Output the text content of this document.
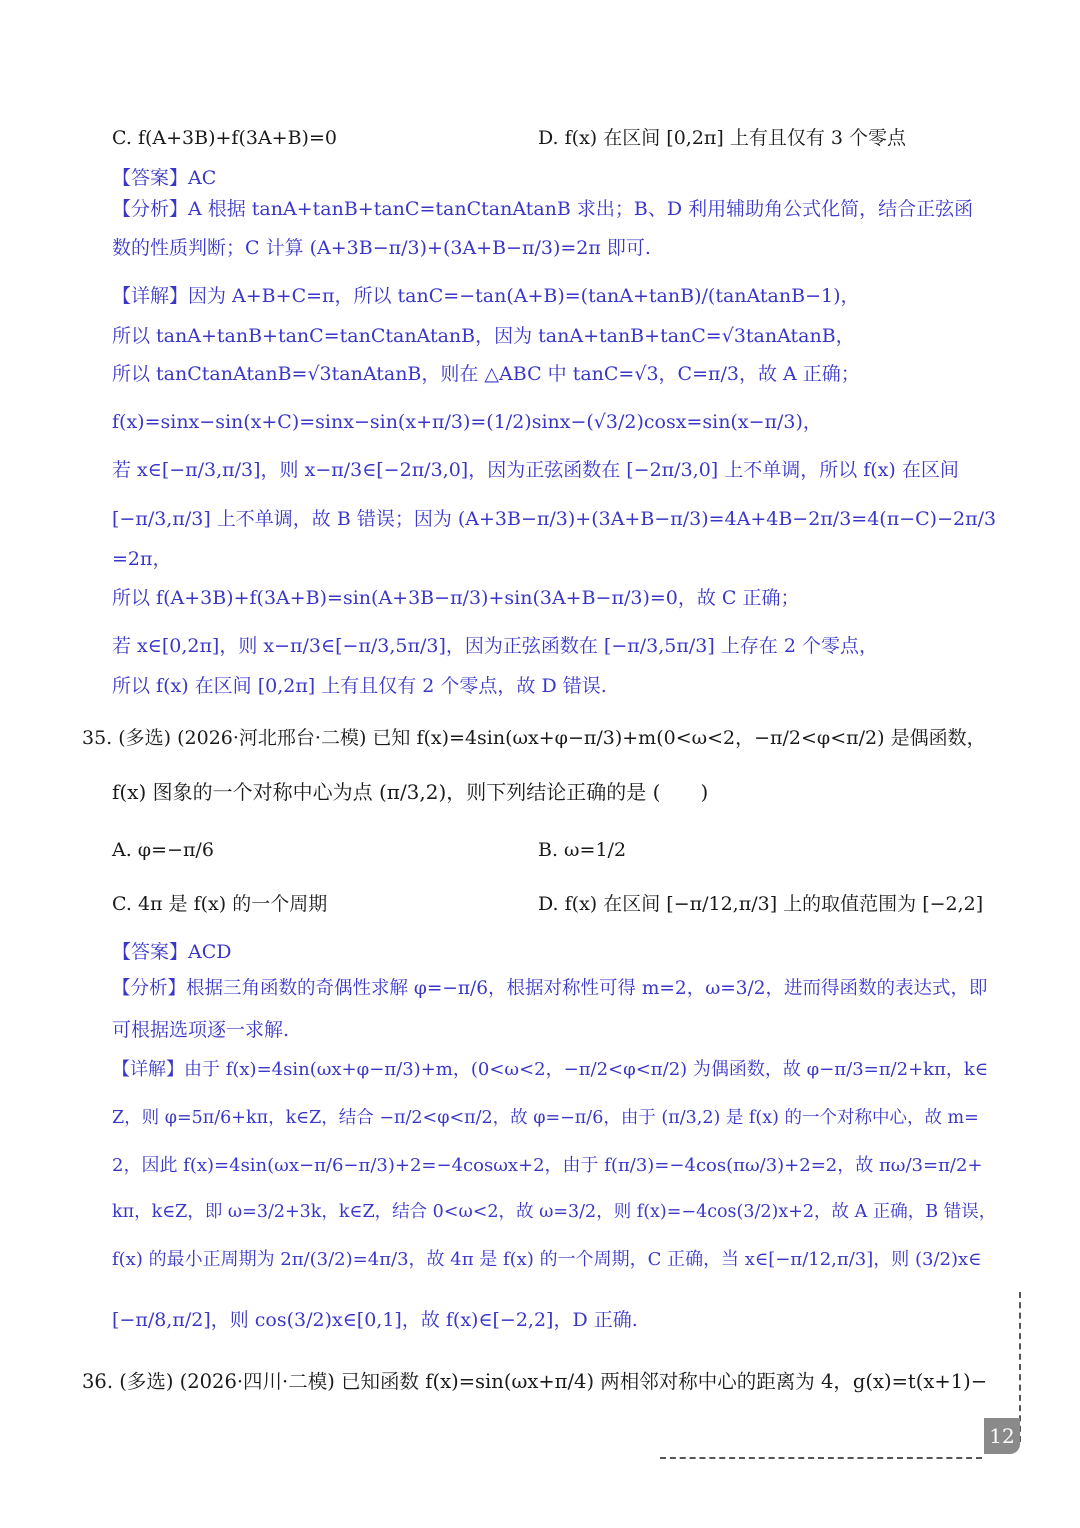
C. f(A+3B)+f(3A+B)=0	D. f(x) 在区间 [0,2π] 上有且仅有 3 个零点
【答案】AC
【分析】A 根据 tanA+tanB+tanC=tanCtanAtanB 求出；B、D 利用辅助角公式化简，结合正弦函
数的性质判断；C 计算 (A+3B−π/3)+(3A+B−π/3)=2π 即可.
【详解】因为 A+B+C=π，所以 tanC=−tan(A+B)=(tanA+tanB)/(tanAtanB−1)，
所以 tanA+tanB+tanC=tanCtanAtanB，因为 tanA+tanB+tanC=√3tanAtanB，
所以 tanCtanAtanB=√3tanAtanB，则在 △ABC 中 tanC=√3，C=π/3，故 A 正确；
f(x)=sinx−sin(x+C)=sinx−sin(x+π/3)=(1/2)sinx−(√3/2)cosx=sin(x−π/3)，
若 x∈[−π/3,π/3]，则 x−π/3∈[−2π/3,0]，因为正弦函数在 [−2π/3,0] 上不单调，所以 f(x) 在区间
[−π/3,π/3] 上不单调，故 B 错误；因为 (A+3B−π/3)+(3A+B−π/3)=4A+4B−2π/3=4(π−C)−2π/3
=2π，
所以 f(A+3B)+f(3A+B)=sin(A+3B−π/3)+sin(3A+B−π/3)=0，故 C 正确；
若 x∈[0,2π]，则 x−π/3∈[−π/3,5π/3]，因为正弦函数在 [−π/3,5π/3] 上存在 2 个零点，
所以 f(x) 在区间 [0,2π] 上有且仅有 2 个零点，故 D 错误.
35. (多选) (2026·河北邢台·二模) 已知 f(x)=4sin(ωx+φ−π/3)+m(0<ω<2，−π/2<φ<π/2) 是偶函数，
f(x) 图象的一个对称中心为点 (π/3,2)，则下列结论正确的是 (　　)
A. φ=−π/6	B. ω=1/2
C. 4π 是 f(x) 的一个周期	D. f(x) 在区间 [−π/12,π/3] 上的取值范围为 [−2,2]
【答案】ACD
【分析】根据三角函数的奇偶性求解 φ=−π/6，根据对称性可得 m=2，ω=3/2，进而得函数的表达式，即
可根据选项逐一求解.
【详解】由于 f(x)=4sin(ωx+φ−π/3)+m，(0<ω<2，−π/2<φ<π/2) 为偶函数，故 φ−π/3=π/2+kπ，k∈
Z，则 φ=5π/6+kπ，k∈Z，结合 −π/2<φ<π/2，故 φ=−π/6，由于 (π/3,2) 是 f(x) 的一个对称中心，故 m=
2，因此 f(x)=4sin(ωx−π/6−π/3)+2=−4cosωx+2，由于 f(π/3)=−4cos(πω/3)+2=2，故 πω/3=π/2+
kπ，k∈Z，即 ω=3/2+3k，k∈Z，结合 0<ω<2，故 ω=3/2，则 f(x)=−4cos(3/2)x+2，故 A 正确，B 错误，
f(x) 的最小正周期为 2π/(3/2)=4π/3，故 4π 是 f(x) 的一个周期，C 正确，当 x∈[−π/12,π/3]，则 (3/2)x∈
[−π/8,π/2]，则 cos(3/2)x∈[0,1]，故 f(x)∈[−2,2]，D 正确.
36. (多选) (2026·四川·二模) 已知函数 f(x)=sin(ωx+π/4) 两相邻对称中心的距离为 4，g(x)=t(x+1)−
12
